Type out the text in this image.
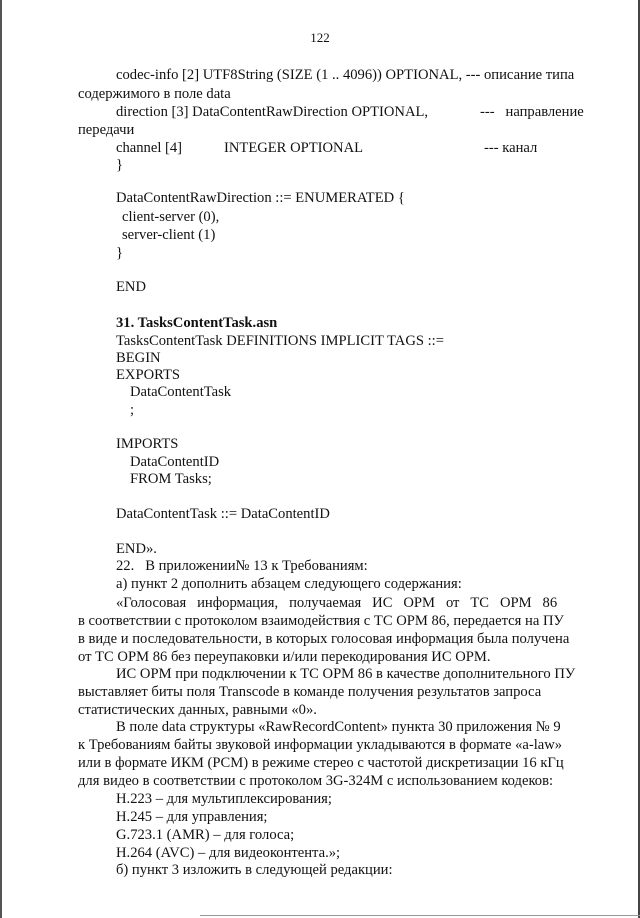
122
codec-info [2] UTF8String (SIZE (1 .. 4096)) OPTIONAL, --- описание типа
содержимого в поле data
direction [3] DataContentRawDirection OPTIONAL,	---   направление
передачи
channel [4]	INTEGER OPTIONAL	--- канал
}
DataContentRawDirection ::= ENUMERATED {
client-server (0),
server-client (1)
}
END
31. TasksContentTask.asn
TasksContentTask DEFINITIONS IMPLICIT TAGS ::=
BEGIN
EXPORTS
DataContentTask
;
IMPORTS
DataContentID
FROM Tasks;
DataContentTask ::= DataContentID
END».
22.   В приложении№ 13 к Требованиям:
а) пункт 2 дополнить абзацем следующего содержания:
«Голосовая   информация,   получаемая   ИС   ОРМ   от   ТС   ОРМ   86
в соответствии с протоколом взаимодействия с ТС ОРМ 86, передается на ПУ
в виде и последовательности, в которых голосовая информация была получена
от ТС ОРМ 86 без переупаковки и/или перекодирования ИС ОРМ.
ИС ОРМ при подключении к ТС ОРМ 86 в качестве дополнительного ПУ
выставляет биты поля Transcode в команде получения результатов запроса
статистических данных, равными «0».
В поле data структуры «RawRecordContent» пункта 30 приложения № 9
к Требованиям байты звуковой информации укладываются в формате «a-law»
или в формате ИКМ (PCM) в режиме стерео с частотой дискретизации 16 кГц
для видео в соответствии с протоколом 3G-324M с использованием кодеков:
H.223 – для мультиплексирования;
H.245 – для управления;
G.723.1 (AMR) – для голоса;
H.264 (AVC) – для видеоконтента.»;
б) пункт 3 изложить в следующей редакции:
